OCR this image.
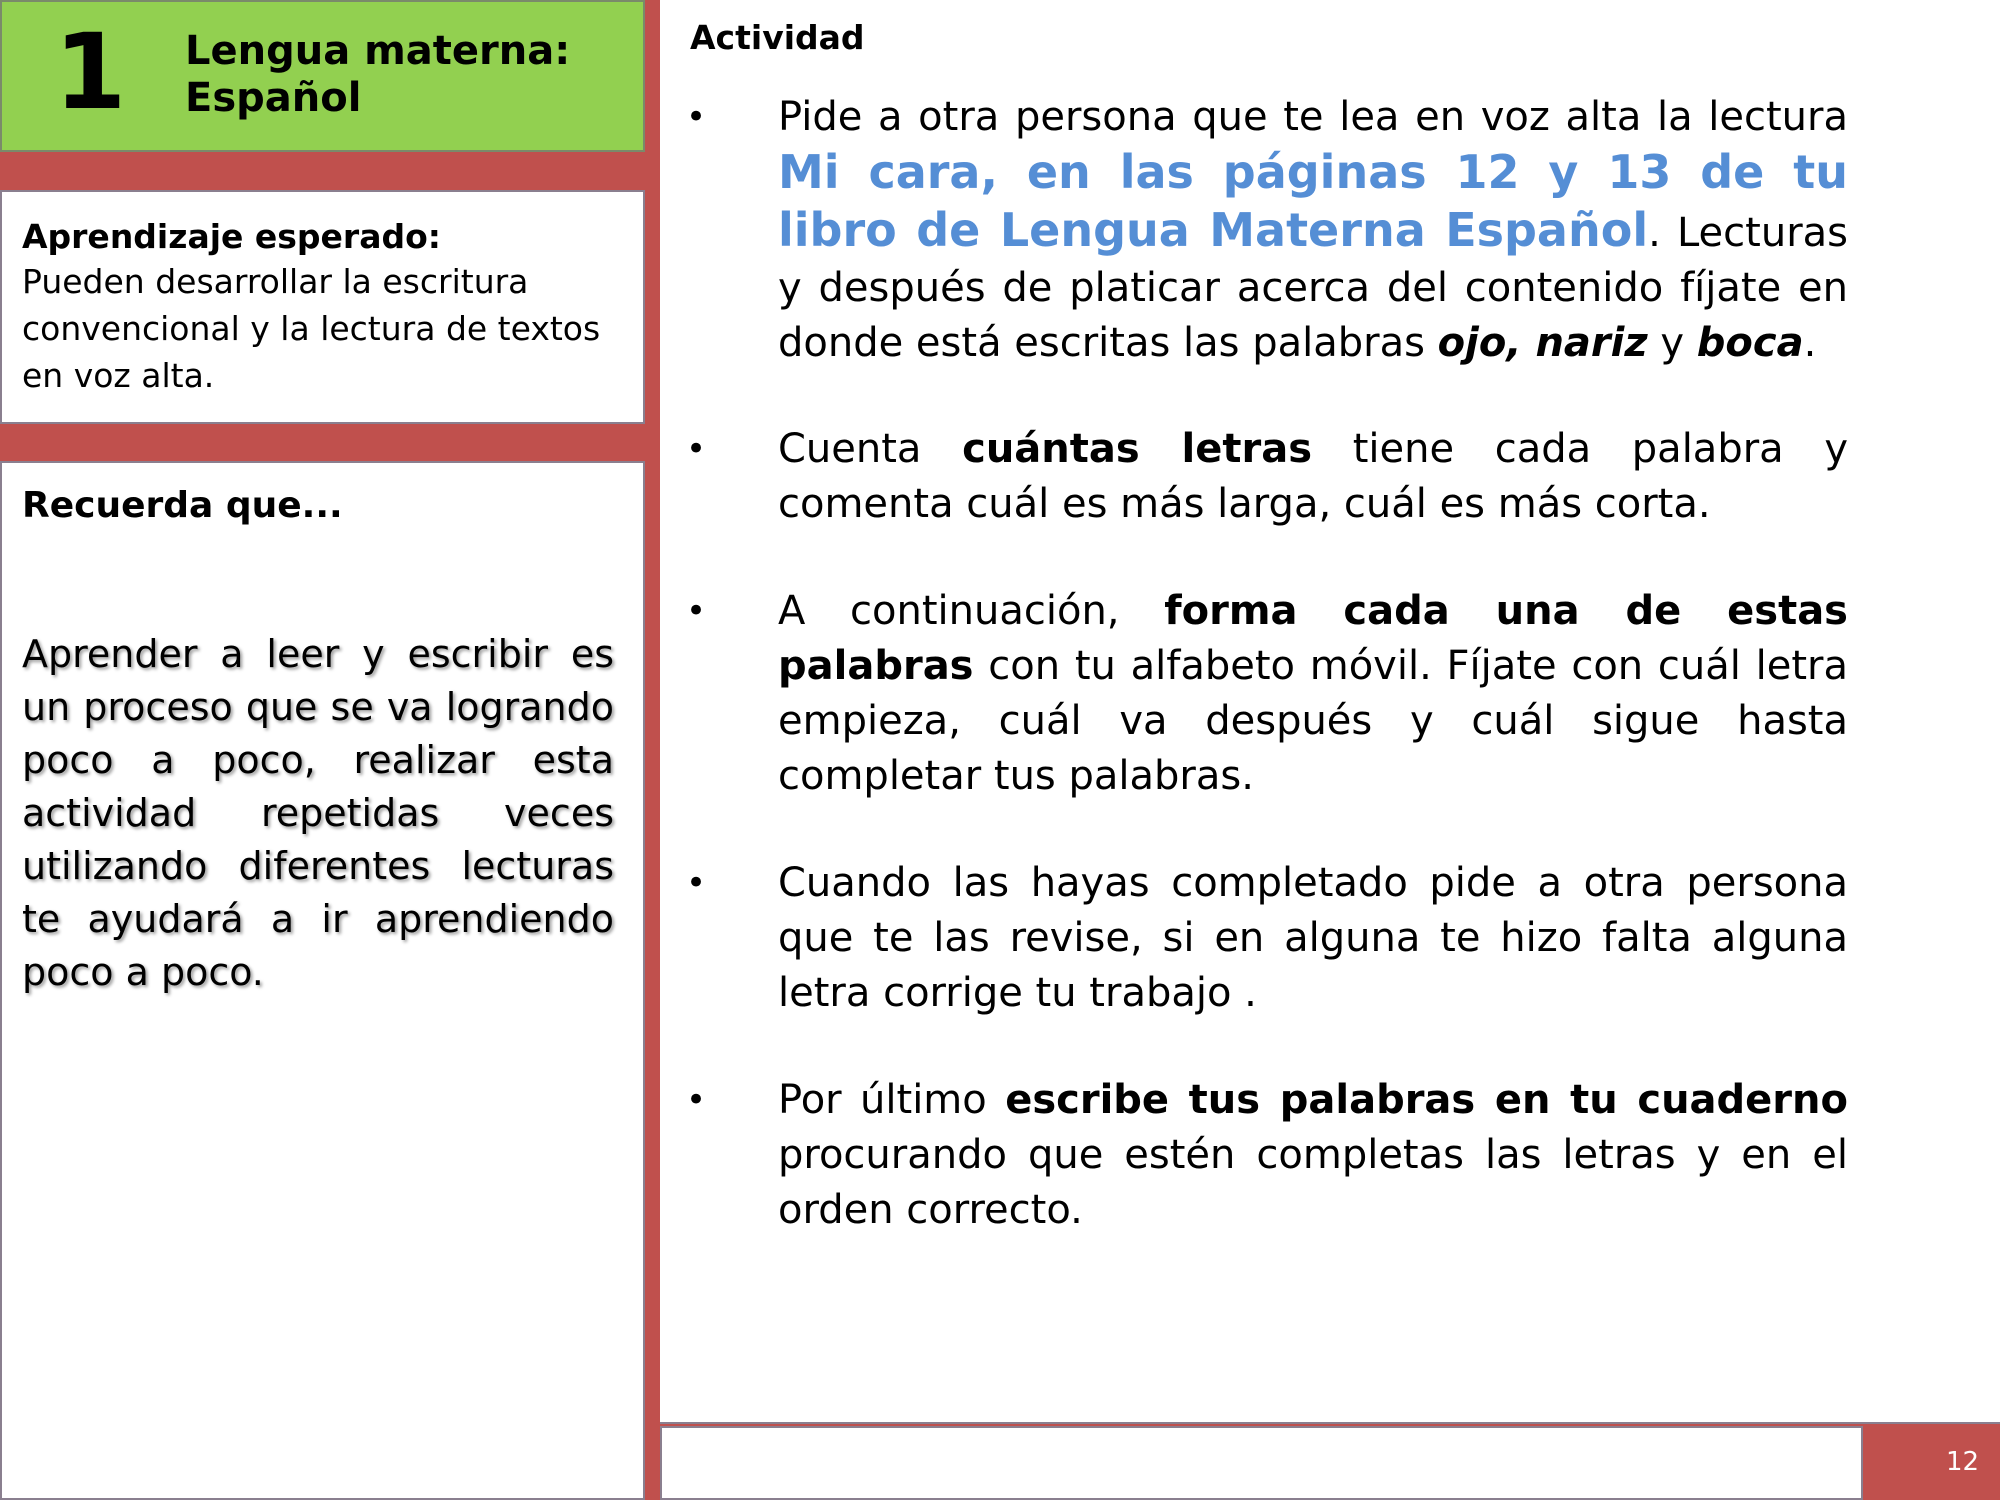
1 Lengua materna:
Español
Aprendizaje esperado:
Pueden desarrollar la escritura convencional y la lectura de textos en voz alta.
Recuerda que...
Aprender a leer y escribir es un proceso que se va logrando poco a poco, realizar esta actividad repetidas veces utilizando diferentes lecturas te ayudará a ir aprendiendo poco a poco.
Actividad
• Pide a otra persona que te lea en voz alta la lectura Mi cara, en las páginas 12 y 13 de tu libro de Lengua Materna Español. Lecturas y después de platicar acerca del contenido fíjate en donde está escritas las palabras ojo, nariz y boca.
• Cuenta cuántas letras tiene cada palabra y comenta cuál es más larga, cuál es más corta.
• A continuación, forma cada una de estas palabras con tu alfabeto móvil. Fíjate con cuál letra empieza, cuál va después y cuál sigue hasta completar tus palabras.
• Cuando las hayas completado pide a otra persona que te las revise, si en alguna te hizo falta alguna letra corrige tu trabajo .
• Por último escribe tus palabras en tu cuaderno procurando que estén completas las letras y en el orden correcto.
12
